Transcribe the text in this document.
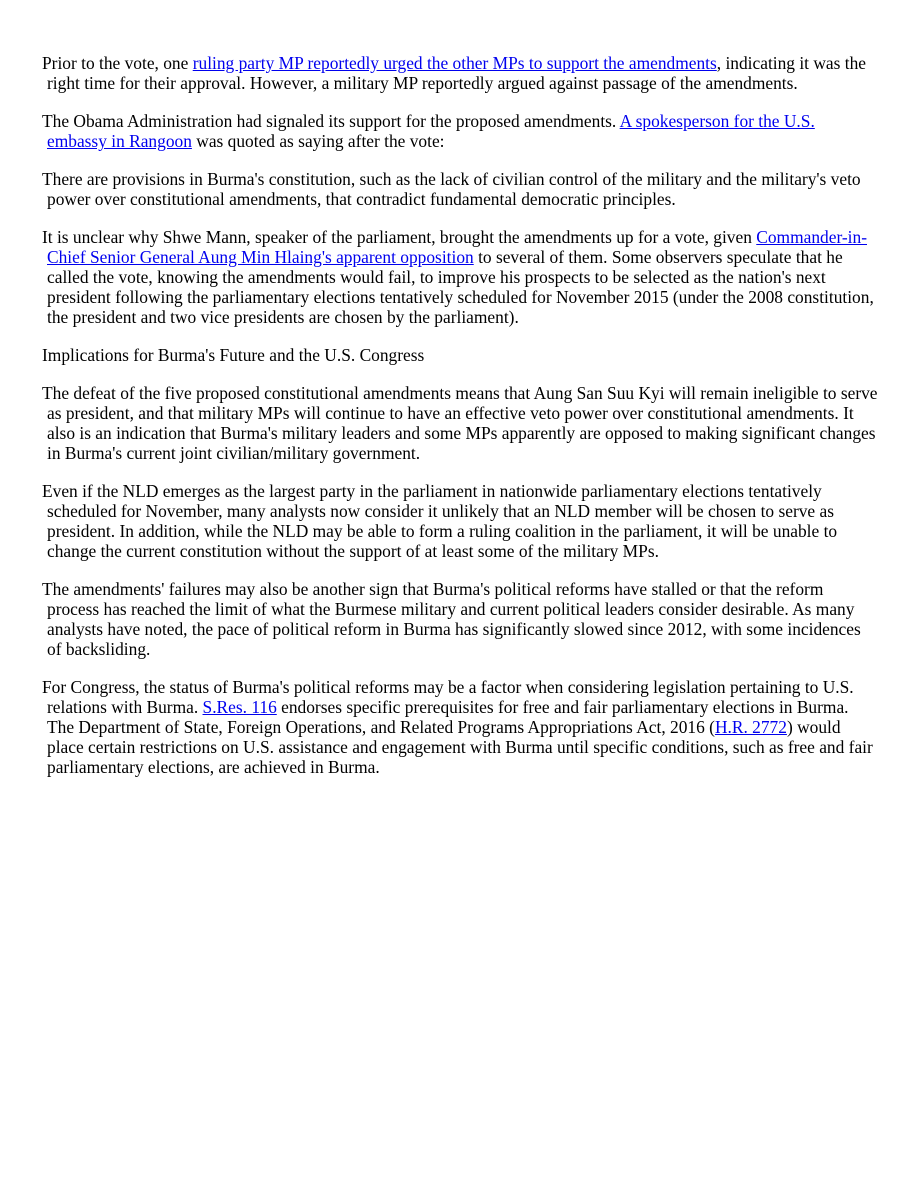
Prior to the vote, one ruling party MP reportedly urged the other MPs to support the amendments, indicating it was the right time for their approval. However, a military MP reportedly argued against passage of the amendments.

The Obama Administration had signaled its support for the proposed amendments. A spokesperson for the U.S. embassy in Rangoon was quoted as saying after the vote:

There are provisions in Burma's constitution, such as the lack of civilian control of the military and the military's veto power over constitutional amendments, that contradict fundamental democratic principles.

It is unclear why Shwe Mann, speaker of the parliament, brought the amendments up for a vote, given Commander-in-Chief Senior General Aung Min Hlaing's apparent opposition to several of them. Some observers speculate that he called the vote, knowing the amendments would fail, to improve his prospects to be selected as the nation's next president following the parliamentary elections tentatively scheduled for November 2015 (under the 2008 constitution, the president and two vice presidents are chosen by the parliament).

Implications for Burma's Future and the U.S. Congress

The defeat of the five proposed constitutional amendments means that Aung San Suu Kyi will remain ineligible to serve as president, and that military MPs will continue to have an effective veto power over constitutional amendments. It also is an indication that Burma's military leaders and some MPs apparently are opposed to making significant changes in Burma's current joint civilian/military government.

Even if the NLD emerges as the largest party in the parliament in nationwide parliamentary elections tentatively scheduled for November, many analysts now consider it unlikely that an NLD member will be chosen to serve as president. In addition, while the NLD may be able to form a ruling coalition in the parliament, it will be unable to change the current constitution without the support of at least some of the military MPs.

The amendments' failures may also be another sign that Burma's political reforms have stalled or that the reform process has reached the limit of what the Burmese military and current political leaders consider desirable. As many analysts have noted, the pace of political reform in Burma has significantly slowed since 2012, with some incidences of backsliding.

For Congress, the status of Burma's political reforms may be a factor when considering legislation pertaining to U.S. relations with Burma. S.Res. 116 endorses specific prerequisites for free and fair parliamentary elections in Burma. The Department of State, Foreign Operations, and Related Programs Appropriations Act, 2016 (H.R. 2772) would place certain restrictions on U.S. assistance and engagement with Burma until specific conditions, such as free and fair parliamentary elections, are achieved in Burma.
